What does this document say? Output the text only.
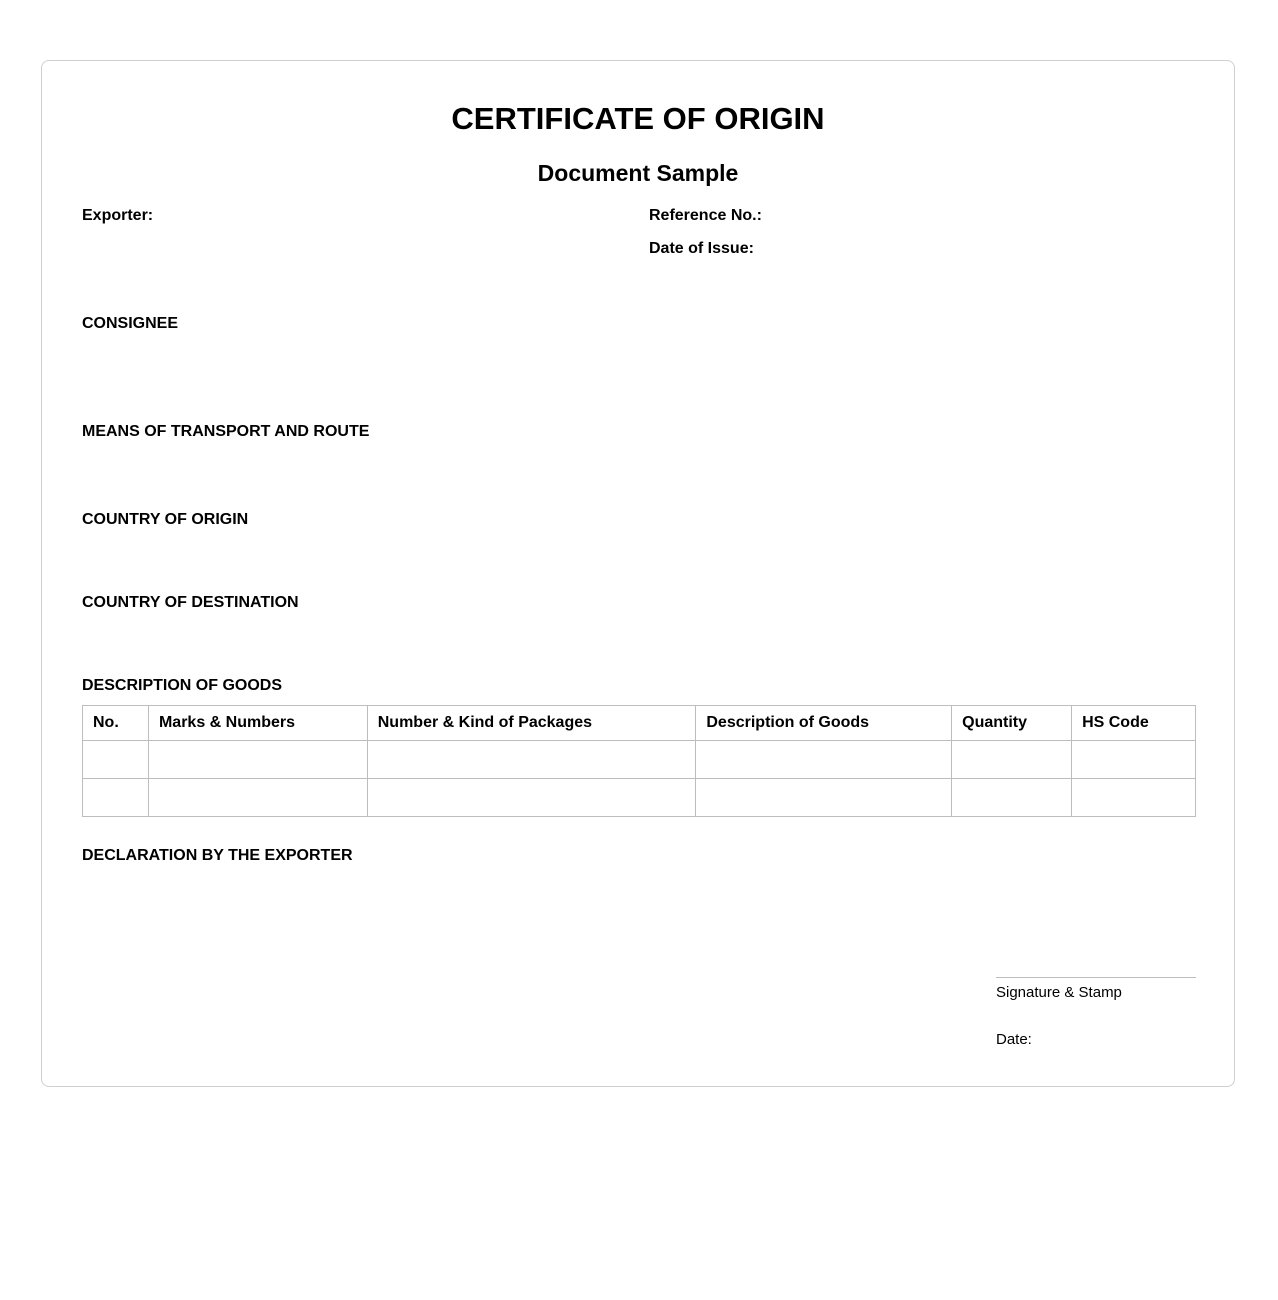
CERTIFICATE OF ORIGIN
Document Sample
Exporter:	Reference No.:
Date of Issue:
CONSIGNEE
MEANS OF TRANSPORT AND ROUTE
COUNTRY OF ORIGIN
COUNTRY OF DESTINATION
DESCRIPTION OF GOODS
No.	Marks & Numbers	Number & Kind of Packages	Description of Goods	Quantity	HS Code

DECLARATION BY THE EXPORTER
Signature & Stamp
Date:
